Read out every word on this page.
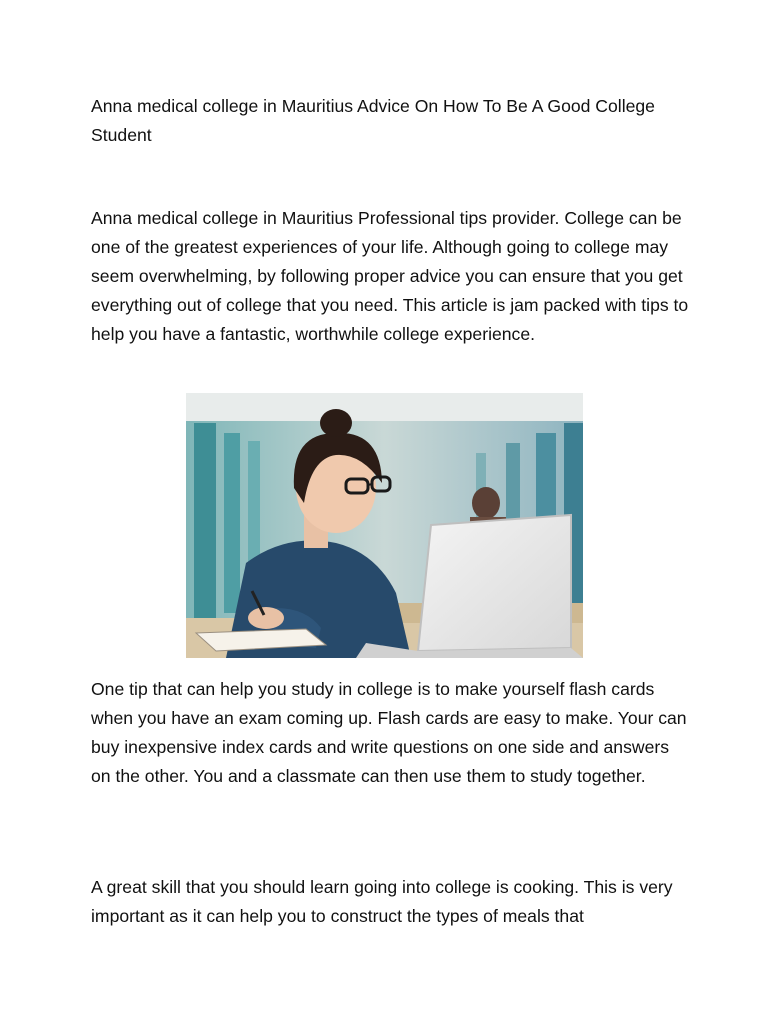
Anna medical college in Mauritius Advice On How To Be A Good College Student

Anna medical college in Mauritius Professional tips provider. College can be one of the greatest experiences of your life. Although going to college may seem overwhelming, by following proper advice you can ensure that you get everything out of college that you need. This article is jam packed with tips to help you have a fantastic, worthwhile college experience.

One tip that can help you study in college is to make yourself flash cards when you have an exam coming up. Flash cards are easy to make. Your can buy inexpensive index cards and write questions on one side and answers on the other. You and a classmate can then use them to study together.

A great skill that you should learn going into college is cooking. This is very important as it can help you to construct the types of meals that
